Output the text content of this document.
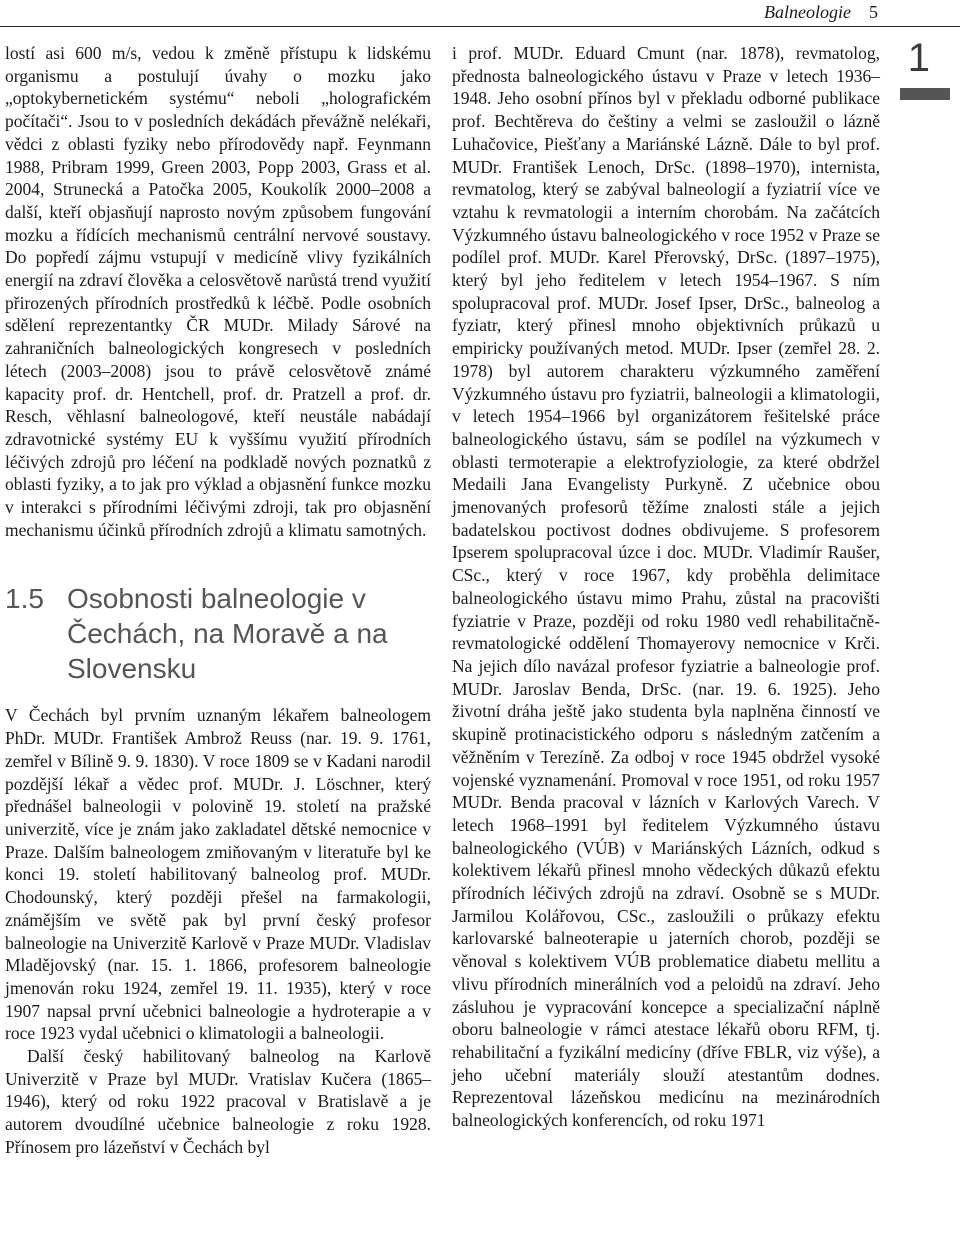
Balneologie 5
1

lostí asi 600 m/s, vedou k změně přístupu k lidskému organismu a postulují úvahy o mozku jako „optokybernetickém systému“ neboli „holografickém počítači“. Jsou to v posledních dekádách převážně nelékaři, vědci z oblasti fyziky nebo přírodovědy např. Feynmann 1988, Pribram 1999, Green 2003, Popp 2003, Grass et al. 2004, Strunecká a Patočka 2005, Koukolík 2000–2008 a další, kteří objasňují naprosto novým způsobem fungování mozku a řídících mechanismů centrální nervové soustavy. Do popředí zájmu vstupují v medicíně vlivy fyzikálních energií na zdraví člověka a celosvětově narůstá trend využití přirozených přírodních prostředků k léčbě. Podle osobních sdělení reprezentantky ČR MUDr. Milady Sárové na zahraničních balneologických kongresech v posledních létech (2003–2008) jsou to právě celosvětově známé kapacity prof. dr. Hentchell, prof. dr. Pratzell a prof. dr. Resch, věhlasní balneologové, kteří neustále nabádají zdravotnické systémy EU k vyššímu využití přírodních léčivých zdrojů pro léčení na podkladě nových poznatků z oblasti fyziky, a to jak pro výklad a objasnění funkce mozku v interakci s přírodními léčivými zdroji, tak pro objasnění mechanismu účinků přírodních zdrojů a klimatu samotných.

1.5 Osobnosti balneologie v Čechách, na Moravě a na Slovensku

V Čechách byl prvním uznaným lékařem balneologem PhDr. MUDr. František Ambrož Reuss (nar. 19. 9. 1761, zemřel v Bílině 9. 9. 1830). V roce 1809 se v Kadani narodil pozdější lékař a vědec prof. MUDr. J. Löschner, který přednášel balneologii v polovině 19. století na pražské univerzitě, více je znám jako zakladatel dětské nemocnice v Praze. Dalším balneologem zmiňovaným v literatuře byl ke konci 19. století habilitovaný balneolog prof. MUDr. Chodounský, který později přešel na farmakologii, známějším ve světě pak byl první český profesor balneologie na Univerzitě Karlově v Praze MUDr. Vladislav Mladějovský (nar. 15. 1. 1866, profesorem balneologie jmenován roku 1924, zemřel 19. 11. 1935), který v roce 1907 napsal první učebnici balneologie a hydroterapie a v roce 1923 vydal učebnici o klimatologii a balneologii.

Další český habilitovaný balneolog na Karlově Univerzitě v Praze byl MUDr. Vratislav Kučera (1865–1946), který od roku 1922 pracoval v Bratislavě a je autorem dvoudílné učebnice balneologie z roku 1928. Přínosem pro lázeňství v Čechách byl

i prof. MUDr. Eduard Cmunt (nar. 1878), revmatolog, přednosta balneologického ústavu v Praze v letech 1936–1948. Jeho osobní přínos byl v překladu odborné publikace prof. Bechtěreva do češtiny a velmi se zasloužil o lázně Luhačovice, Piešťany a Mariánské Lázně. Dále to byl prof. MUDr. František Lenoch, DrSc. (1898–1970), internista, revmatolog, který se zabýval balneologií a fyziatrií více ve vztahu k revmatologii a interním chorobám. Na začátcích Výzkumného ústavu balneologického v roce 1952 v Praze se podílel prof. MUDr. Karel Přerovský, DrSc. (1897–1975), který byl jeho ředitelem v letech 1954–1967. S ním spolupracoval prof. MUDr. Josef Ipser, DrSc., balneolog a fyziatr, který přinesl mnoho objektivních průkazů u empiricky používaných metod. MUDr. Ipser (zemřel 28. 2. 1978) byl autorem charakteru výzkumného zaměření Výzkumného ústavu pro fyziatrii, balneologii a klimatologii, v letech 1954–1966 byl organizátorem řešitelské práce balneologického ústavu, sám se podílel na výzkumech v oblasti termoterapie a elektrofyziologie, za které obdržel Medaili Jana Evangelisty Purkyně. Z učebnice obou jmenovaných profesorů těžíme znalosti stále a jejich badatelskou poctivost dodnes obdivujeme. S profesorem Ipserem spolupracoval úzce i doc. MUDr. Vladimír Raušer, CSc., který v roce 1967, kdy proběhla delimitace balneologického ústavu mimo Prahu, zůstal na pracovišti fyziatrie v Praze, později od roku 1980 vedl rehabilitačně-revmatologické oddělení Thomayerovy nemocnice v Krči. Na jejich dílo navázal profesor fyziatrie a balneologie prof. MUDr. Jaroslav Benda, DrSc. (nar. 19. 6. 1925). Jeho životní dráha ještě jako studenta byla naplněna činností ve skupině protinacistického odporu s následným zatčením a věžněním v Terezíně. Za odboj v roce 1945 obdržel vysoké vojenské vyznamenání. Promoval v roce 1951, od roku 1957 MUDr. Benda pracoval v lázních v Karlových Varech. V letech 1968–1991 byl ředitelem Výzkumného ústavu balneologického (VÚB) v Mariánských Lázních, odkud s kolektivem lékařů přinesl mnoho vědeckých důkazů efektu přírodních léčivých zdrojů na zdraví. Osobně se s MUDr. Jarmilou Kolářovou, CSc., zasloužili o průkazy efektu karlovarské balneoterapie u jaterních chorob, později se věnoval s kolektivem VÚB problematice diabetu mellitu a vlivu přírodních minerálních vod a peloidů na zdraví. Jeho zásluhou je vypracování koncepce a specializační náplně oboru balneologie v rámci atestace lékařů oboru RFM, tj. rehabilitační a fyzikální medicíny (dříve FBLR, viz výše), a jeho učební materiály slouží atestantům dodnes. Reprezentoval lázeňskou medicínu na mezinárodních balneologických konferencích, od roku 1971
